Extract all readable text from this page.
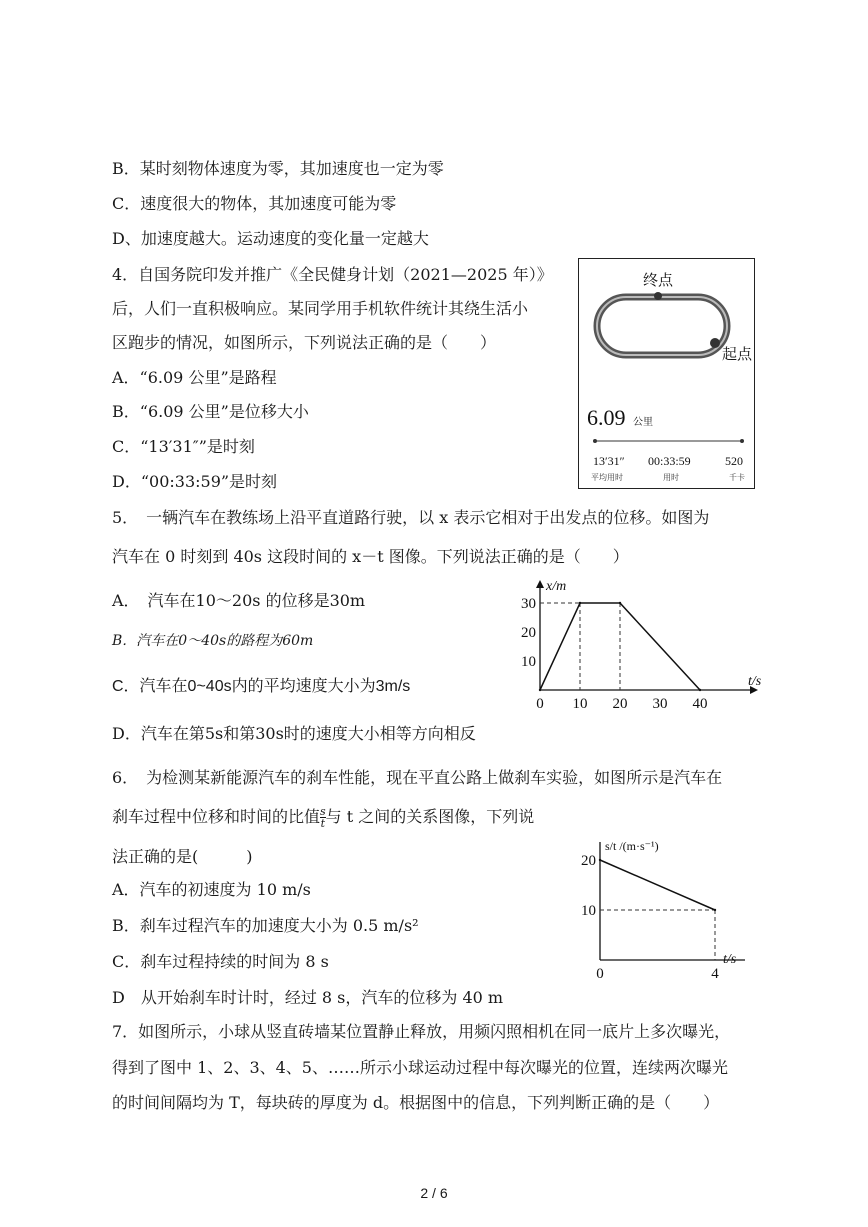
B．某时刻物体速度为零，其加速度也一定为零
C．速度很大的物体，其加速度可能为零
D、加速度越大。运动速度的变化量一定越大
4．自国务院印发并推广《全民健身计划（2021—2025 年）》
后，人们一直积极响应。某同学用手机软件统计其绕生活小
区跑步的情况，如图所示，下列说法正确的是（　　）
A．“6.09 公里”是路程
B．“6.09 公里”是位移大小
C．“13′31″”是时刻
D．“00:33:59”是时刻
终点
起点
6.09 公里
13′31″ 00:33:59	520
平均用时	用时	千卡
5．　一辆汽车在教练场上沿平直道路行驶，以 x 表示它相对于出发点的位移。如图为
汽车在 0 时刻到 40s 这段时间的 x－t 图像。下列说法正确的是（　　）
A．　汽车在10～20s 的位移是30m
B．汽车在0～40s的路程为60m
C．汽车在0~40s内的平均速度大小为3m/s
D．汽车在第5s和第30s时的速度大小相等方向相反
x/m
t/s
0 10 20 30 40
10
20
30
6．　为检测某新能源汽车的刹车性能，现在平直公路上做刹车实验，如图所示是汽车在
刹车过程中位移和时间的比值 $\frac{s}{t}$ 与 t 之间的关系图像，下列说
法正确的是(　　　)
A．汽车的初速度为 10 m/s
B．刹车过程汽车的加速度大小为 0.5 m/s²
C．刹车过程持续的时间为 8 s
D　从开始刹车时计时，经过 8 s，汽车的位移为 40 m
s/t /(m·s⁻¹)
t/s
0	4
10
20
7．如图所示，小球从竖直砖墙某位置静止释放，用频闪照相机在同一底片上多次曝光，
得到了图中 1、2、3、4、5、……所示小球运动过程中每次曝光的位置，连续两次曝光
的时间间隔均为 T，每块砖的厚度为 d。根据图中的信息，下列判断正确的是（　　）
2 / 6
